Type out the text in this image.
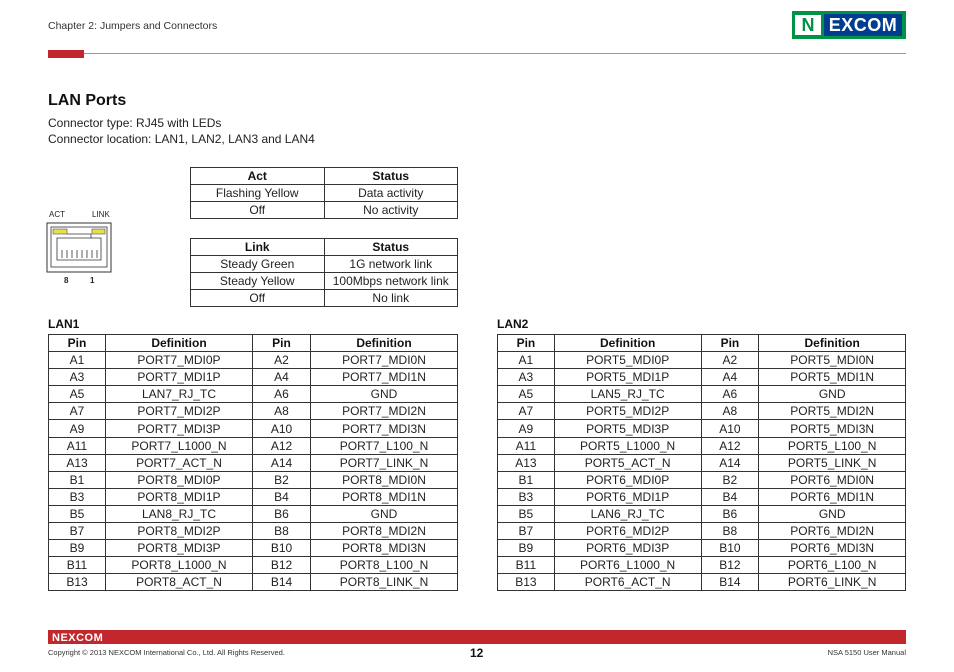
Chapter 2: Jumpers and Connectors	N EXCOM
LAN Ports
Connector type: RJ45 with LEDs
Connector location: LAN1, LAN2, LAN3 and LAN4
ACT	LINK
8	1
Act	Status
Flashing Yellow	Data activity
Off	No activity
Link	Status
Steady Green	1G network link
Steady Yellow	100Mbps network link
Off	No link
LAN1	LAN2
Pin	Definition	Pin	Definition
A1	PORT7_MDI0P	A2	PORT7_MDI0N
A3	PORT7_MDI1P	A4	PORT7_MDI1N
A5	LAN7_RJ_TC	A6	GND
A7	PORT7_MDI2P	A8	PORT7_MDI2N
A9	PORT7_MDI3P	A10	PORT7_MDI3N
A11	PORT7_L1000_N	A12	PORT7_L100_N
A13	PORT7_ACT_N	A14	PORT7_LINK_N
B1	PORT8_MDI0P	B2	PORT8_MDI0N
B3	PORT8_MDI1P	B4	PORT8_MDI1N
B5	LAN8_RJ_TC	B6	GND
B7	PORT8_MDI2P	B8	PORT8_MDI2N
B9	PORT8_MDI3P	B10	PORT8_MDI3N
B11	PORT8_L1000_N	B12	PORT8_L100_N
B13	PORT8_ACT_N	B14	PORT8_LINK_N
Pin	Definition	Pin	Definition
A1	PORT5_MDI0P	A2	PORT5_MDI0N
A3	PORT5_MDI1P	A4	PORT5_MDI1N
A5	LAN5_RJ_TC	A6	GND
A7	PORT5_MDI2P	A8	PORT5_MDI2N
A9	PORT5_MDI3P	A10	PORT5_MDI3N
A11	PORT5_L1000_N	A12	PORT5_L100_N
A13	PORT5_ACT_N	A14	PORT5_LINK_N
B1	PORT6_MDI0P	B2	PORT6_MDI0N
B3	PORT6_MDI1P	B4	PORT6_MDI1N
B5	LAN6_RJ_TC	B6	GND
B7	PORT6_MDI2P	B8	PORT6_MDI2N
B9	PORT6_MDI3P	B10	PORT6_MDI3N
B11	PORT6_L1000_N	B12	PORT6_L100_N
B13	PORT6_ACT_N	B14	PORT6_LINK_N
NEXCOM
Copyright © 2013 NEXCOM International Co., Ltd. All Rights Reserved.	12	NSA 5150 User Manual
